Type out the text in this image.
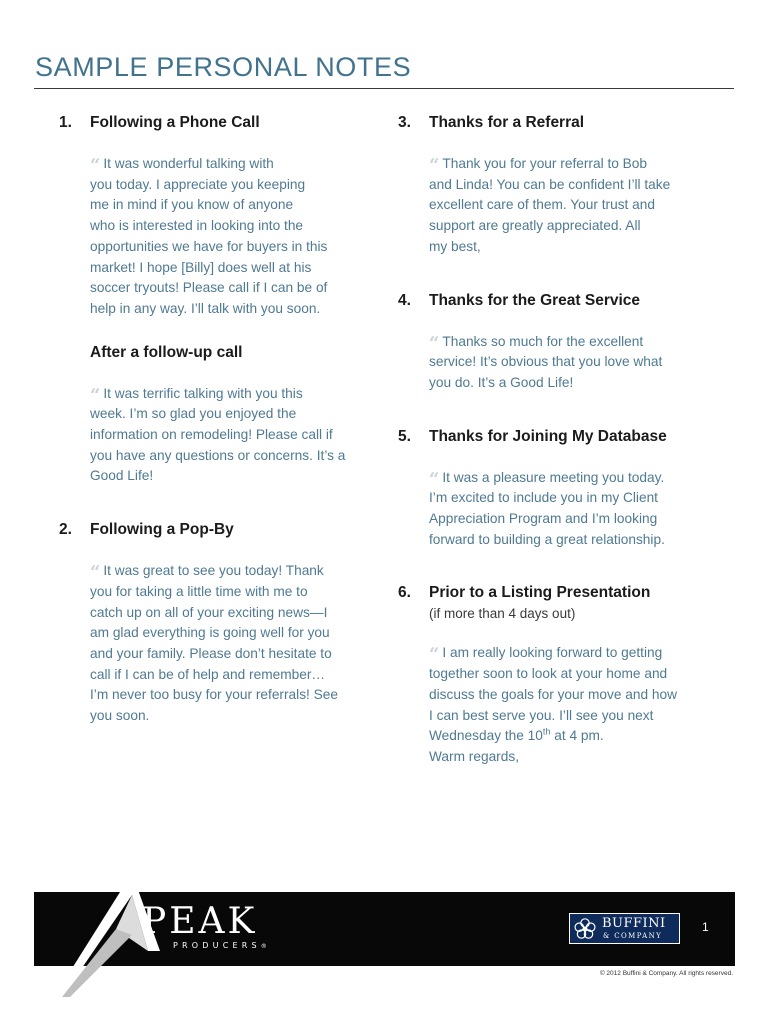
SAMPLE PERSONAL NOTES
1.	Following a Phone Call
“ It was wonderful talking with
you today. I appreciate you keeping
me in mind if you know of anyone
who is interested in looking into the
opportunities we have for buyers in this
market! I hope [Billy] does well at his
soccer tryouts! Please call if I can be of
help in any way. I’ll talk with you soon.
After a follow-up call
“ It was terrific talking with you this
week. I’m so glad you enjoyed the
information on remodeling! Please call if
you have any questions or concerns. It’s a
Good Life!
2.	Following a Pop-By
“ It was great to see you today! Thank
you for taking a little time with me to
catch up on all of your exciting news—I
am glad everything is going well for you
and your family. Please don’t hesitate to
call if I can be of help and remember…
I’m never too busy for your referrals! See
you soon.
3.	Thanks for a Referral
“ Thank you for your referral to Bob
and Linda! You can be confident I’ll take
excellent care of them. Your trust and
support are greatly appreciated. All
my best,
4.	Thanks for the Great Service
“ Thanks so much for the excellent
service! It’s obvious that you love what
you do. It’s a Good Life!
5.	Thanks for Joining My Database
“ It was a pleasure meeting you today.
I’m excited to include you in my Client
Appreciation Program and I’m looking
forward to building a great relationship.
6.	Prior to a Listing Presentation
(if more than 4 days out)
“ I am really looking forward to getting
together soon to look at your home and
discuss the goals for your move and how
I can best serve you. I’ll see you next
Wednesday the 10th at 4 pm.
Warm regards,
PEAK
PRODUCERS®
BUFFINI
& COMPANY
1
© 2012 Buffini & Company. All rights reserved.
